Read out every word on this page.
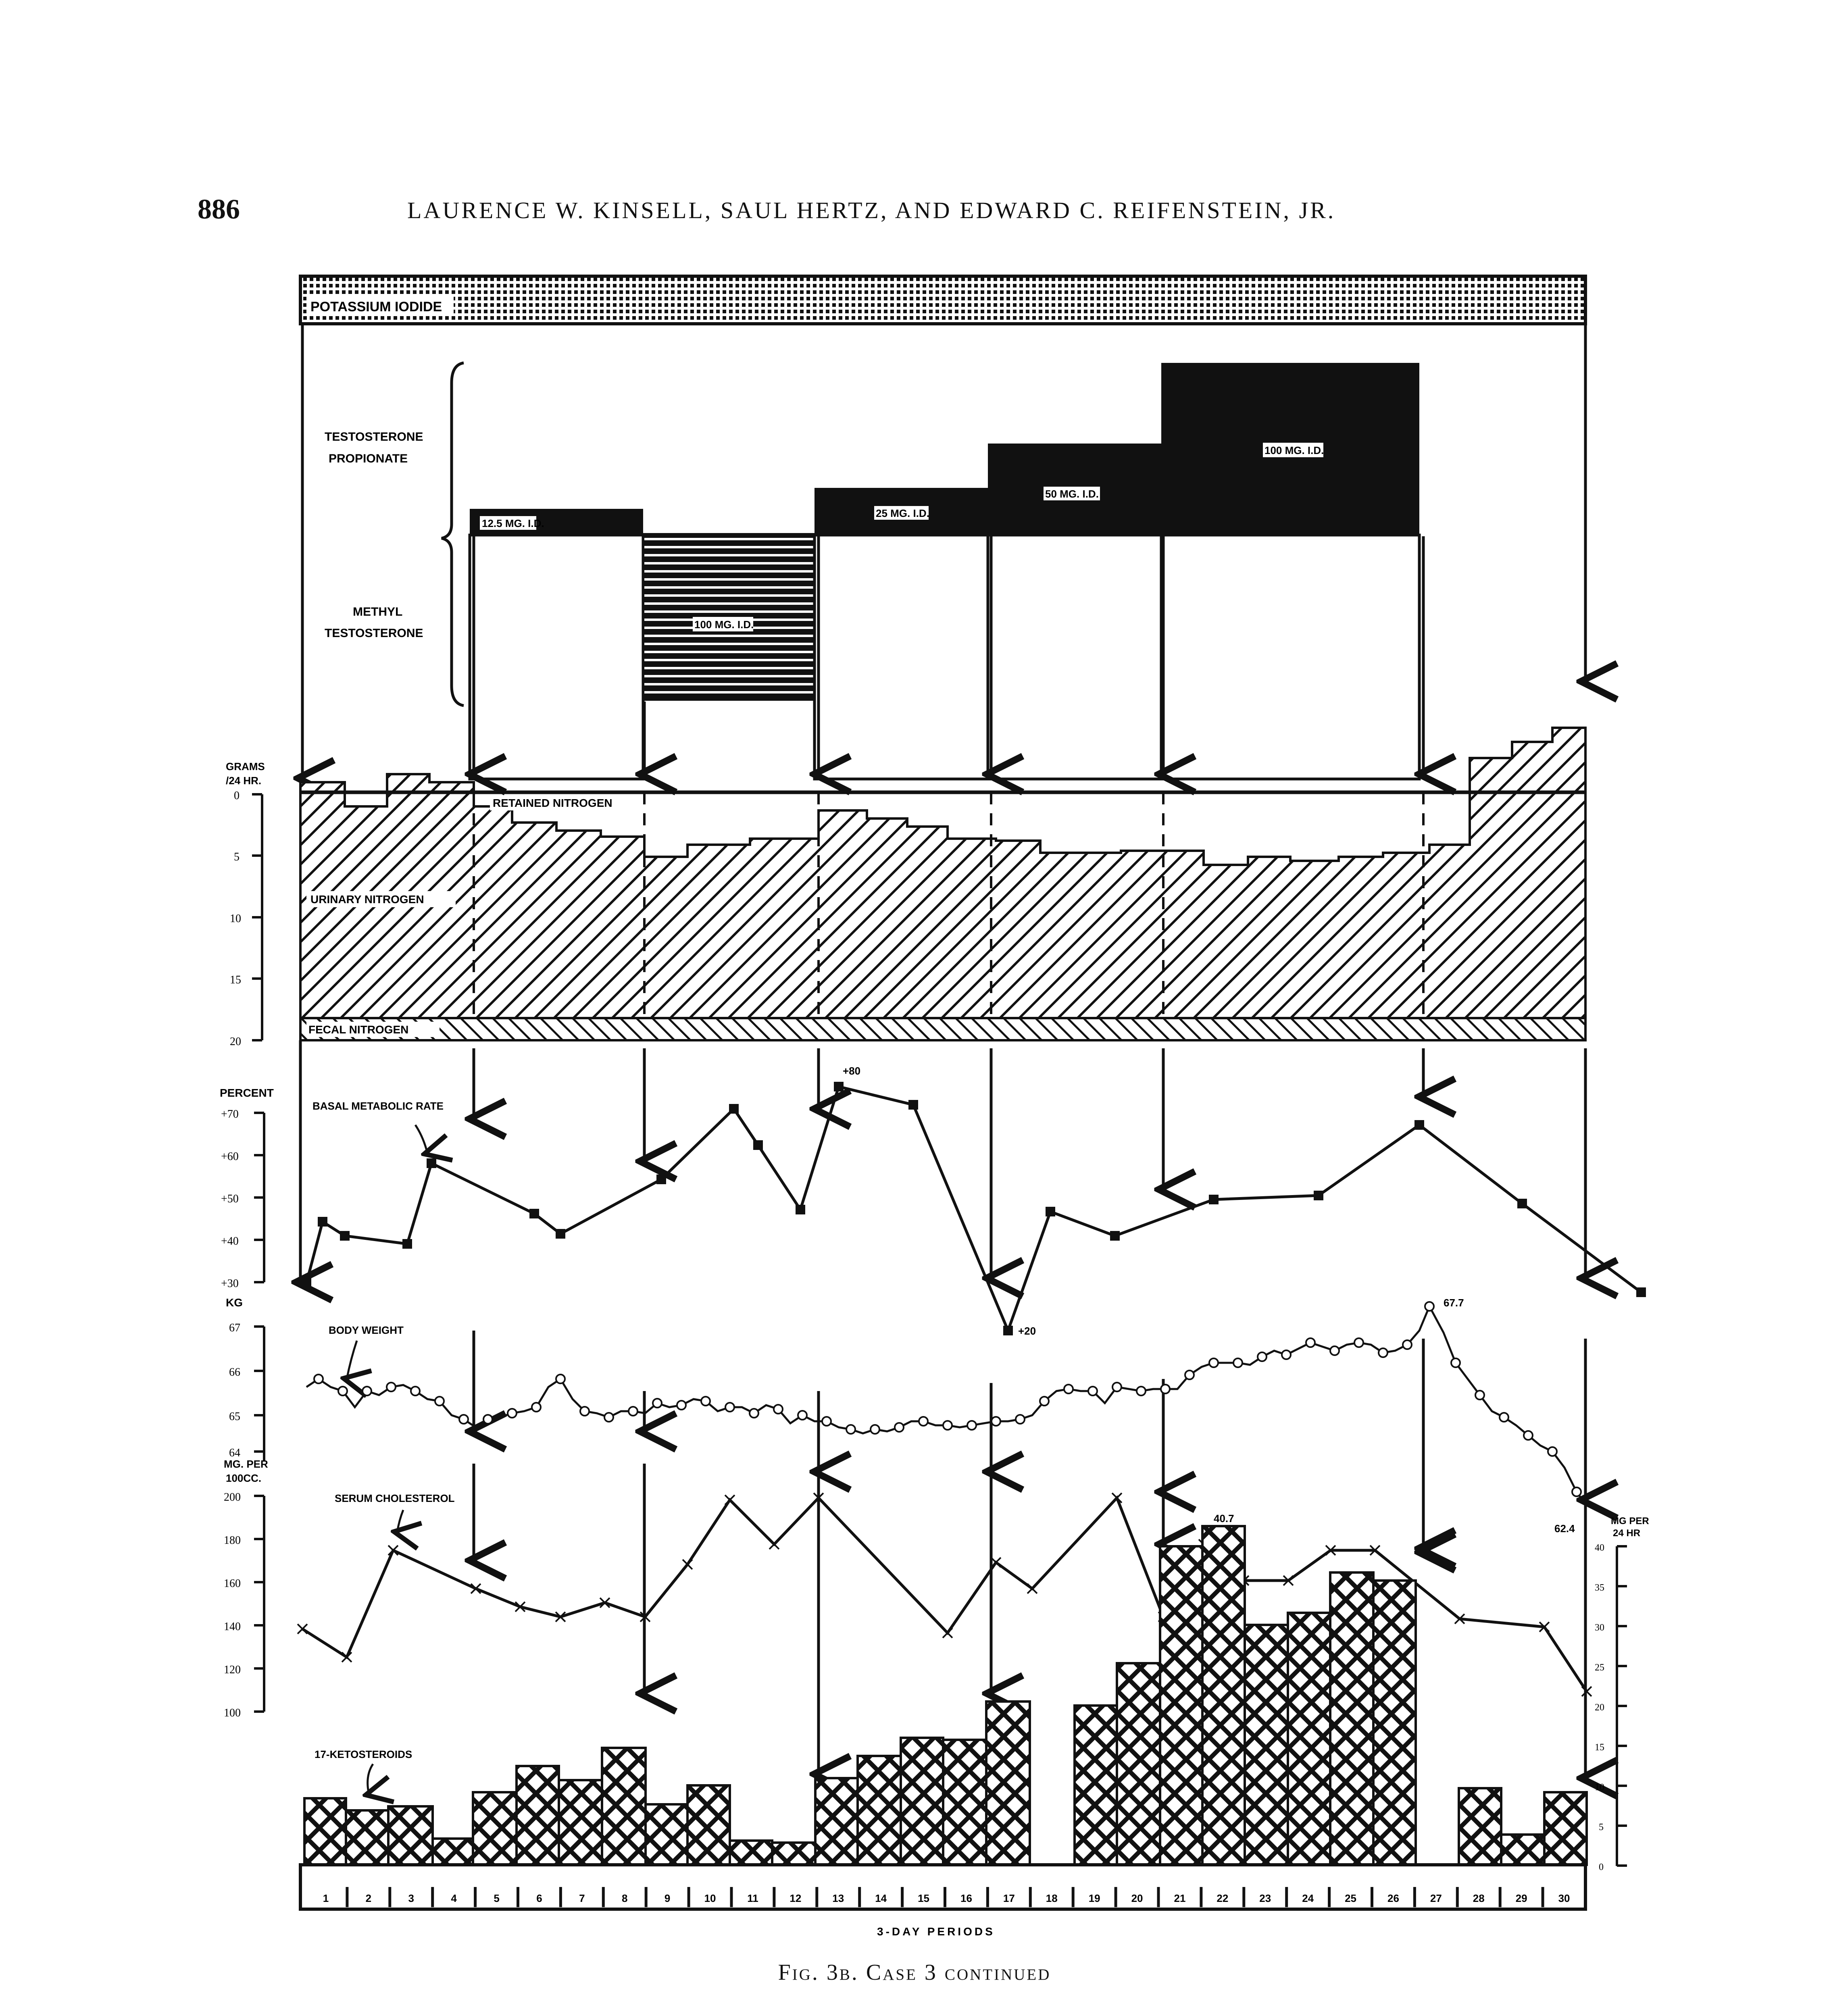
886	LAURENCE W. KINSELL, SAUL HERTZ, AND EDWARD C. REIFENSTEIN, JR.
POTASSIUM IODIDE
TESTOSTERONE
PROPIONATE
METHYL
TESTOSTERONE
12.5 MG. I.D.
100 MG. I.D.
25 MG. I.D.
50 MG. I.D.
100 MG. I.D.
GRAMS
/24 HR.
0
5
10
15
20
FECAL NITROGEN
RETAINED NITROGEN
URINARY NITROGEN
PERCENT
+70
+60
+50
+40
+30
BASAL METABOLIC RATE
+80
+20
KG
67
66
65
64
BODY WEIGHT
67.7
62.4
MG. PER
100CC.
200
180
160
140
120
100
SERUM CHOLESTEROL
17-KETOSTEROIDS
40.7	MG PER
24 HR
40
35
30
25
20
15
10
5
0
1	2	3	4	5	6	7	8	9	10	11	12	13	14	15	16	17	18	19	20	21	22	23	24	25	26	27	28	29	30
3-DAY PERIODS
Fig. 3b. Case 3 continued
